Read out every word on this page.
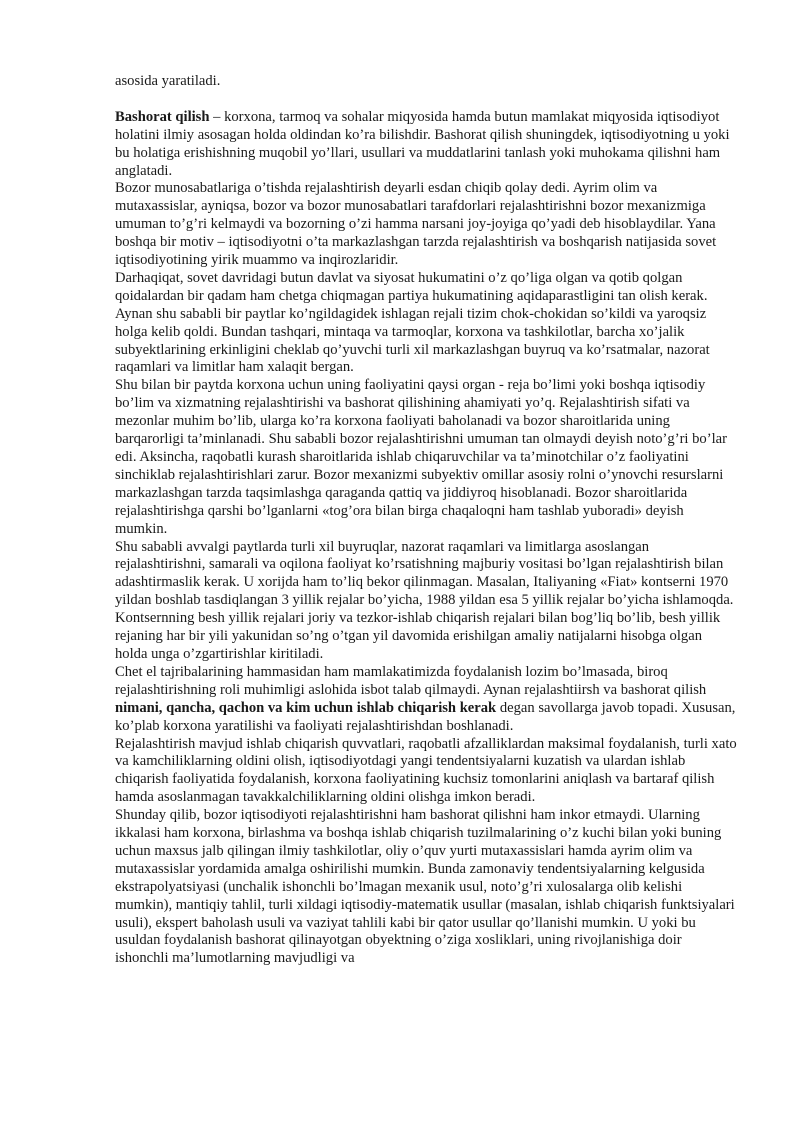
asosida yaratiladi.

Bashorat qilish – korxona, tarmoq va sohalar miqyosida hamda butun mamlakat miqyosida iqtisodiyot holatini ilmiy asosagan holda oldindan ko’ra bilishdir. Bashorat qilish shuningdek, iqtisodiyotning u yoki bu holatiga erishishning muqobil yo’llari, usullari va muddatlarini tanlash yoki muhokama qilishni ham anglatadi.

Bozor munosabatlariga o’tishda rejalashtirish deyarli esdan chiqib qolay dedi. Ayrim olim va mutaxassislar, ayniqsa, bozor va bozor munosabatlari tarafdorlari rejalashtirishni bozor mexanizmiga umuman to’g’ri kelmaydi va bozorning o’zi hamma narsani joy-joyiga qo’yadi deb hisoblaydilar. Yana boshqa bir motiv – iqtisodiyotni o’ta markazlashgan tarzda rejalashtirish va boshqarish natijasida sovet iqtisodiyotining yirik muammo va inqirozlaridir.

Darhaqiqat, sovet davridagi butun davlat va siyosat hukumatini o’z qo’liga olgan va qotib qolgan qoidalardan bir qadam ham chetga chiqmagan partiya hukumatining aqidaparastligini tan olish kerak. Aynan shu sababli bir paytlar ko’ngildagidek ishlagan rejali tizim chok-chokidan so’kildi va yaroqsiz holga kelib qoldi. Bundan tashqari, mintaqa va tarmoqlar, korxona va tashkilotlar, barcha xo’jalik subyektlarining erkinligini cheklab qo’yuvchi turli xil markazlashgan buyruq va ko’rsatmalar, nazorat raqamlari va limitlar ham xalaqit bergan.

Shu bilan bir paytda korxona uchun uning faoliyatini qaysi organ - reja bo’limi yoki boshqa iqtisodiy bo’lim va xizmatning rejalashtirishi va bashorat qilishining ahamiyati yo’q. Rejalashtirish sifati va mezonlar muhim bo’lib, ularga ko’ra korxona faoliyati baholanadi va bozor sharoitlarida uning barqarorligi ta’minlanadi. Shu sababli bozor rejalashtirishni umuman tan olmaydi deyish noto’g’ri bo’lar edi. Aksincha, raqobatli kurash sharoitlarida ishlab chiqaruvchilar va ta’minotchilar o’z faoliyatini sinchiklab rejalashtirishlari zarur. Bozor mexanizmi subyektiv omillar asosiy rolni o’ynovchi resurslarni markazlashgan tarzda taqsimlashga qaraganda qattiq va jiddiyroq hisoblanadi. Bozor sharoitlarida rejalashtirishga qarshi bo’lganlarni «tog’ora bilan birga chaqaloqni ham tashlab yuboradi» deyish mumkin.

Shu sababli avvalgi paytlarda turli xil buyruqlar, nazorat raqamlari va limitlarga asoslangan rejalashtirishni, samarali va oqilona faoliyat ko’rsatishning majburiy vositasi bo’lgan rejalashtirish bilan adashtirmaslik kerak. U xorijda ham to’liq bekor qilinmagan. Masalan, Italiyaning «Fiat» kontserni 1970 yildan boshlab tasdiqlangan 3 yillik rejalar bo’yicha, 1988 yildan esa 5 yillik rejalar bo’yicha ishlamoqda. Kontsernning besh yillik rejalari joriy va tezkor-ishlab chiqarish rejalari bilan bog’liq bo’lib, besh yillik rejaning har bir yili yakunidan so’ng o’tgan yil davomida erishilgan amaliy natijalarni hisobga olgan holda unga o’zgartirishlar kiritiladi.

Chet el tajribalarining hammasidan ham mamlakatimizda foydalanish lozim bo’lmasada, biroq rejalashtirishning roli muhimligi aslohida isbot talab qilmaydi. Aynan rejalashtiirsh va bashorat qilish nimani, qancha, qachon va kim uchun ishlab chiqarish kerak degan savollarga javob topadi. Xususan, ko’plab korxona yaratilishi va faoliyati rejalashtirishdan boshlanadi.

Rejalashtirish mavjud ishlab chiqarish quvvatlari, raqobatli afzalliklardan maksimal foydalanish, turli xato va kamchiliklarning oldini olish, iqtisodiyotdagi yangi tendentsiyalarni kuzatish va ulardan ishlab chiqarish faoliyatida foydalanish, korxona faoliyatining kuchsiz tomonlarini aniqlash va bartaraf qilish hamda asoslanmagan tavakkalchiliklarning oldini olishga imkon beradi.

Shunday qilib, bozor iqtisodiyoti rejalashtirishni ham bashorat qilishni ham inkor etmaydi. Ularning ikkalasi ham korxona, birlashma va boshqa ishlab chiqarish tuzilmalarining o’z kuchi bilan yoki buning uchun maxsus jalb qilingan ilmiy tashkilotlar, oliy o’quv yurti mutaxassislari hamda ayrim olim va mutaxassislar yordamida amalga oshirilishi mumkin. Bunda zamonaviy tendentsiyalarning kelgusida ekstrapolyatsiyasi (unchalik ishonchli bo’lmagan mexanik usul, noto’g’ri xulosalarga olib kelishi mumkin), mantiqiy tahlil, turli xildagi iqtisodiy-matematik usullar (masalan, ishlab chiqarish funktsiyalari usuli), ekspert baholash usuli va vaziyat tahlili kabi bir qator usullar qo’llanishi mumkin. U yoki bu usuldan foydalanish bashorat qilinayotgan obyektning o’ziga xosliklari, uning rivojlanishiga doir ishonchli ma’lumotlarning mavjudligi va
